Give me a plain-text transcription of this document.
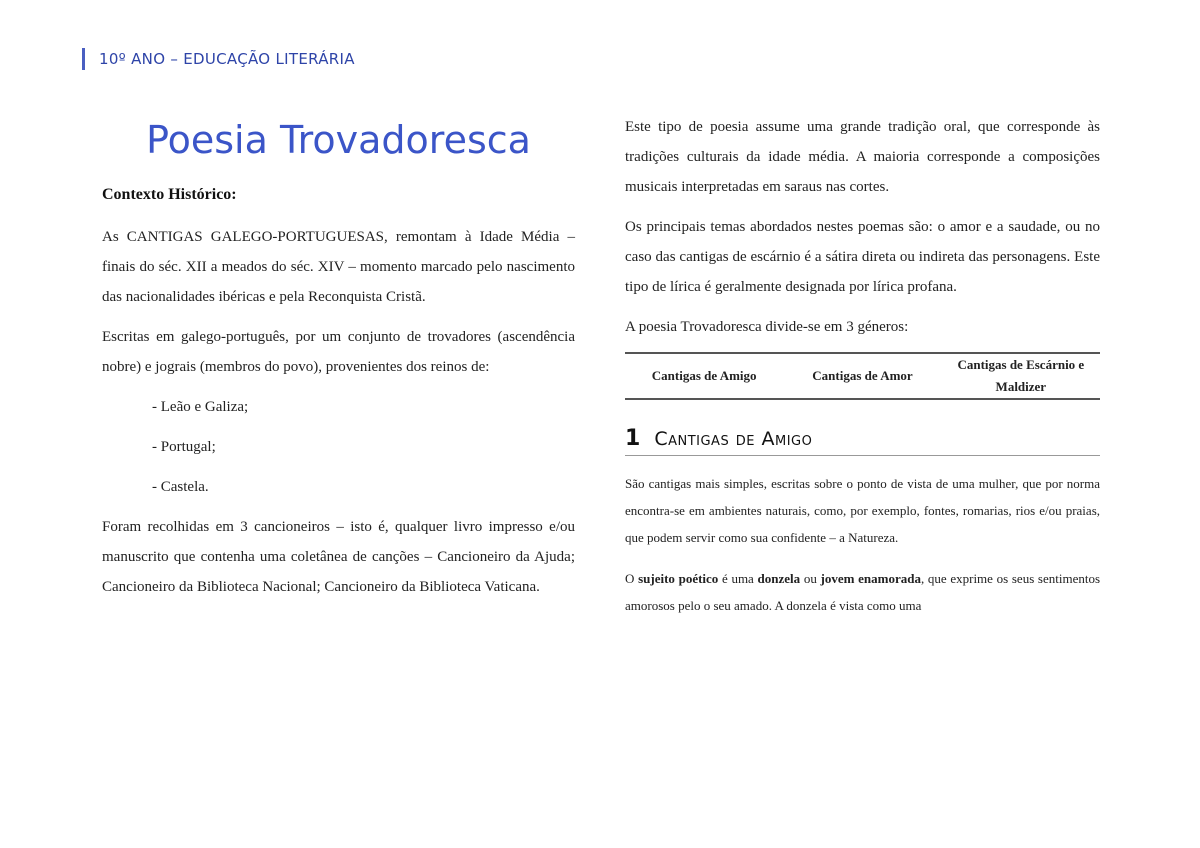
10º ANO – EDUCAÇÃO LITERÁRIA
Poesia Trovadoresca
Contexto Histórico:

As CANTIGAS GALEGO-PORTUGUESAS, remontam à Idade Média – finais do séc. XII a meados do séc. XIV – momento marcado pelo nascimento das nacionalidades ibéricas e pela Reconquista Cristã.

Escritas em galego-português, por um conjunto de trovadores (ascendência nobre) e jograis (membros do povo), provenientes dos reinos de:

- Leão e Galiza;
- Portugal;
- Castela.

Foram recolhidas em 3 cancioneiros – isto é, qualquer livro impresso e/ou manuscrito que contenha uma coletânea de canções – Cancioneiro da Ajuda; Cancioneiro da Biblioteca Nacional; Cancioneiro da Biblioteca Vaticana.

Este tipo de poesia assume uma grande tradição oral, que corresponde às tradições culturais da idade média. A maioria corresponde a composições musicais interpretadas em saraus nas cortes.

Os principais temas abordados nestes poemas são: o amor e a saudade, ou no caso das cantigas de escárnio é a sátira direta ou indireta das personagens. Este tipo de lírica é geralmente designada por lírica profana.

A poesia Trovadoresca divide-se em 3 géneros:

Cantigas de Amigo	Cantigas de Amor	Cantigas de Escárnio e Maldizer
1 Cantigas de Amigo

São cantigas mais simples, escritas sobre o ponto de vista de uma mulher, que por norma encontra-se em ambientes naturais, como, por exemplo, fontes, romarias, rios e/ou praias, que podem servir como sua confidente – a Natureza.

O sujeito poético é uma donzela ou jovem enamorada, que exprime os seus sentimentos amorosos pelo o seu amado. A donzela é vista como uma
